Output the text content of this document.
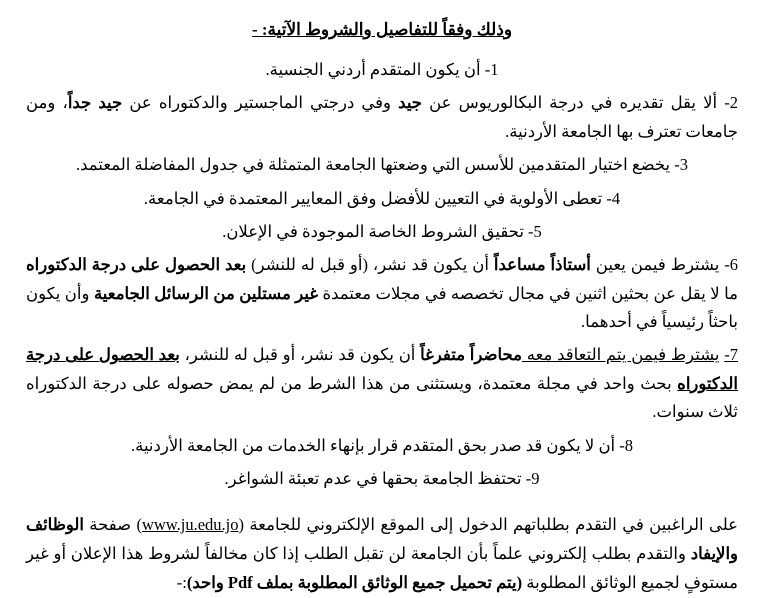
وذلك وفقاً للتفاصيل والشروط الآتية: -
1- أن يكون المتقدم أردني الجنسية.
2- ألا يقل تقديره في درجة البكالوريوس عن جيد وفي درجتي الماجستير والدكتوراه عن جيد جداً، ومن جامعات تعترف بها الجامعة الأردنية.
3- يخضع اختيار المتقدمين للأسس التي وضعتها الجامعة المتمثلة في جدول المفاضلة المعتمد.
4- تعطى الأولوية في التعيين للأفضل وفق المعايير المعتمدة في الجامعة.
5- تحقيق الشروط الخاصة الموجودة في الإعلان.
6- يشترط فيمن يعين أستاذاً مساعداً أن يكون قد نشر، (أو قبل له للنشر) بعد الحصول على درجة الدكتوراه ما لا يقل عن بحثين اثنين في مجال تخصصه في مجلات معتمدة غير مستلين من الرسائل الجامعية وأن يكون باحثاً رئيسياً في أحدهما.
7- يشترط فيمن يتم التعاقد معه محاضراً متفرغاً أن يكون قد نشر، أو قبل له للنشر، بعد الحصول على درجة الدكتوراه بحث واحد في مجلة معتمدة، ويستثنى من هذا الشرط من لم يمض حصوله على درجة الدكتوراه ثلاث سنوات.
8- أن لا يكون قد صدر بحق المتقدم قرار بإنهاء الخدمات من الجامعة الأردنية.
9- تحتفظ الجامعة بحقها في عدم تعبئة الشواغر.

على الراغبين في التقدم بطلباتهم الدخول إلى الموقع الإلكتروني للجامعة (www.ju.edu.jo) صفحة الوظائف والإيفاد والتقدم بطلب إلكتروني علماً بأن الجامعة لن تقبل الطلب إذا كان مخالفاً لشروط هذا الإعلان أو غير مستوفٍ لجميع الوثائق المطلوبة (يتم تحميل جميع الوثائق المطلوبة بملف Pdf واحد):-
